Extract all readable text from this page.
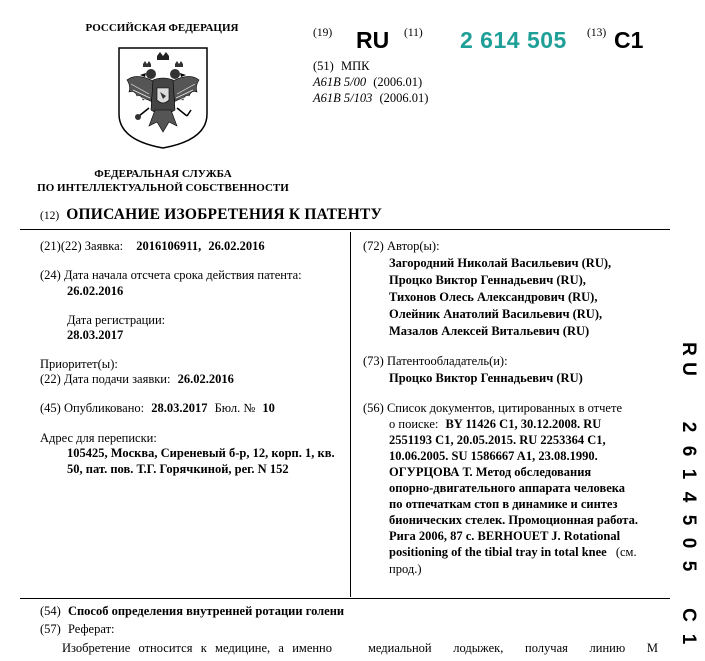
РОССИЙСКАЯ ФЕДЕРАЦИЯ
ФЕДЕРАЛЬНАЯ СЛУЖБА
ПО ИНТЕЛЛЕКТУАЛЬНОЙ СОБСТВЕННОСТИ
(19) RU (11) 2 614 505 (13) C1
(51) МПК
A61B 5/00 (2006.01)
A61B 5/103 (2006.01)
(12) ОПИСАНИЕ ИЗОБРЕТЕНИЯ К ПАТЕНТУ
(21)(22) Заявка: 2016106911, 26.02.2016
(24) Дата начала отсчета срока действия патента:
26.02.2016
Дата регистрации:
28.03.2017
Приоритет(ы):
(22) Дата подачи заявки: 26.02.2016
(45) Опубликовано: 28.03.2017 Бюл. № 10
Адрес для переписки:
105425, Москва, Сиреневый б-р, 12, корп. 1, кв.
50, пат. пов. Т.Г. Горячкиной, рег. N 152
(72) Автор(ы):
Загородний Николай Васильевич (RU),
Процко Виктор Геннадьевич (RU),
Тихонов Олесь Александрович (RU),
Олейник Анатолий Васильевич (RU),
Мазалов Алексей Витальевич (RU)
(73) Патентообладатель(и):
Процко Виктор Геннадьевич (RU)
(56) Список документов, цитированных в отчете
о поиске: BY 11426 C1, 30.12.2008. RU
2551193 C1, 20.05.2015. RU 2253364 C1,
10.06.2005. SU 1586667 A1, 23.08.1990.
ОГУРЦОВА Т. Метод обследования
опорно-двигательного аппарата человека
по отпечаткам стоп в динамике и синтез
бионических стелек. Промоционная работа.
Рига 2006, 87 с. BERHOUET J. Rotational
positioning of the tibial tray in total knee (см.
прод.)
(54) Способ определения внутренней ротации голени
(57) Реферат:
Изобретение относится к медицине, а именно	медиальной лодыжек, получая линию М
R
U
2
6
1
4
5
0
5
C
1
